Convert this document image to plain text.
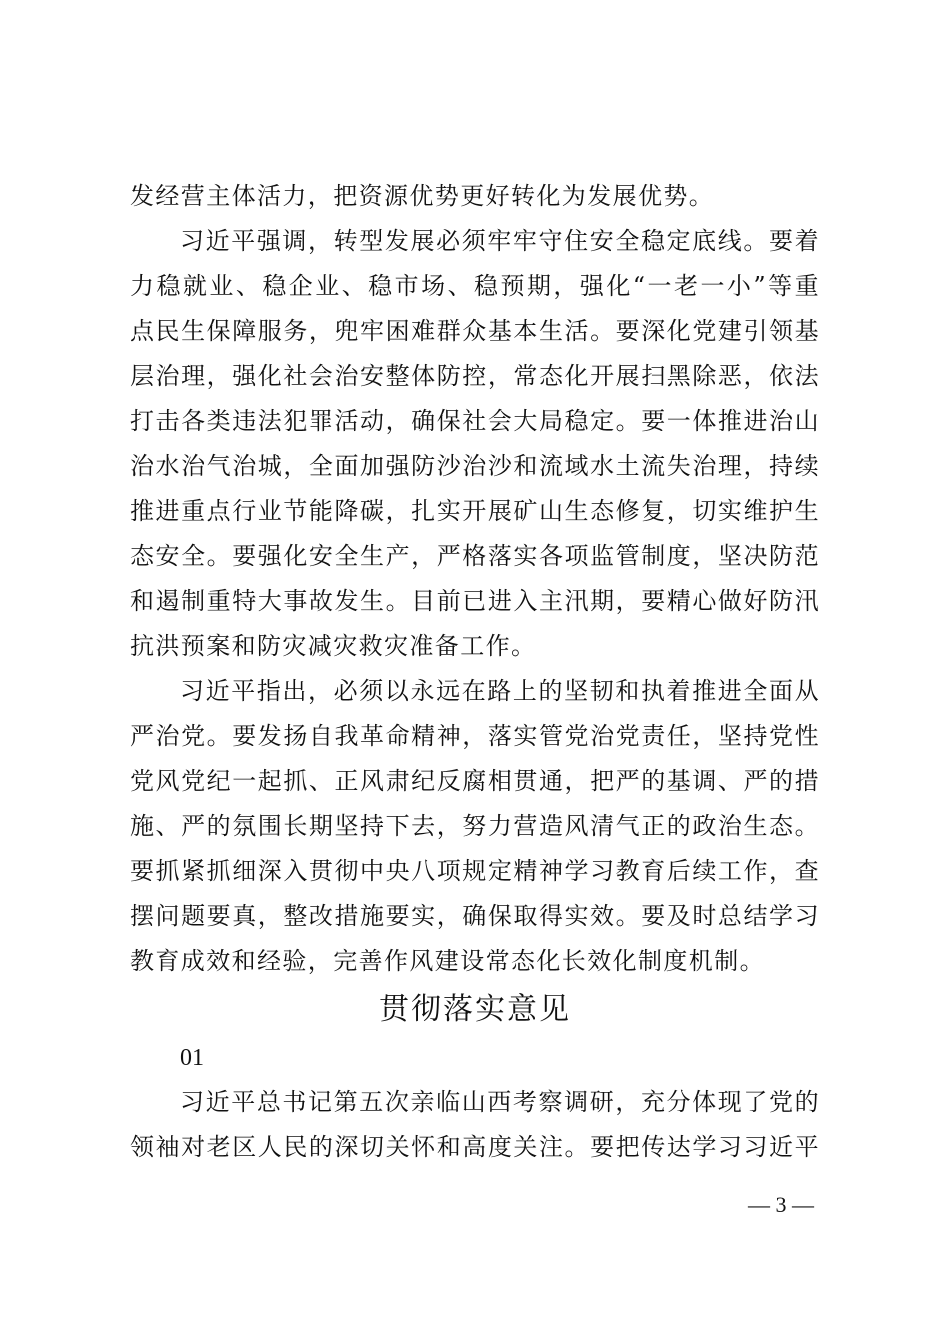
发经营主体活力，把资源优势更好转化为发展优势。
习近平强调，转型发展必须牢牢守住安全稳定底线。要着
力稳就业、稳企业、稳市场、稳预期，强化“一老一小”等重
点民生保障服务，兜牢困难群众基本生活。要深化党建引领基
层治理，强化社会治安整体防控，常态化开展扫黑除恶，依法
打击各类违法犯罪活动，确保社会大局稳定。要一体推进治山
治水治气治城，全面加强防沙治沙和流域水土流失治理，持续
推进重点行业节能降碳，扎实开展矿山生态修复，切实维护生
态安全。要强化安全生产，严格落实各项监管制度，坚决防范
和遏制重特大事故发生。目前已进入主汛期，要精心做好防汛
抗洪预案和防灾减灾救灾准备工作。
习近平指出，必须以永远在路上的坚韧和执着推进全面从
严治党。要发扬自我革命精神，落实管党治党责任，坚持党性
党风党纪一起抓、正风肃纪反腐相贯通，把严的基调、严的措
施、严的氛围长期坚持下去，努力营造风清气正的政治生态。
要抓紧抓细深入贯彻中央八项规定精神学习教育后续工作，查
摆问题要真，整改措施要实，确保取得实效。要及时总结学习
教育成效和经验，完善作风建设常态化长效化制度机制。
贯彻落实意见
01
习近平总书记第五次亲临山西考察调研，充分体现了党的
领袖对老区人民的深切关怀和高度关注。要把传达学习习近平
— 3 —
